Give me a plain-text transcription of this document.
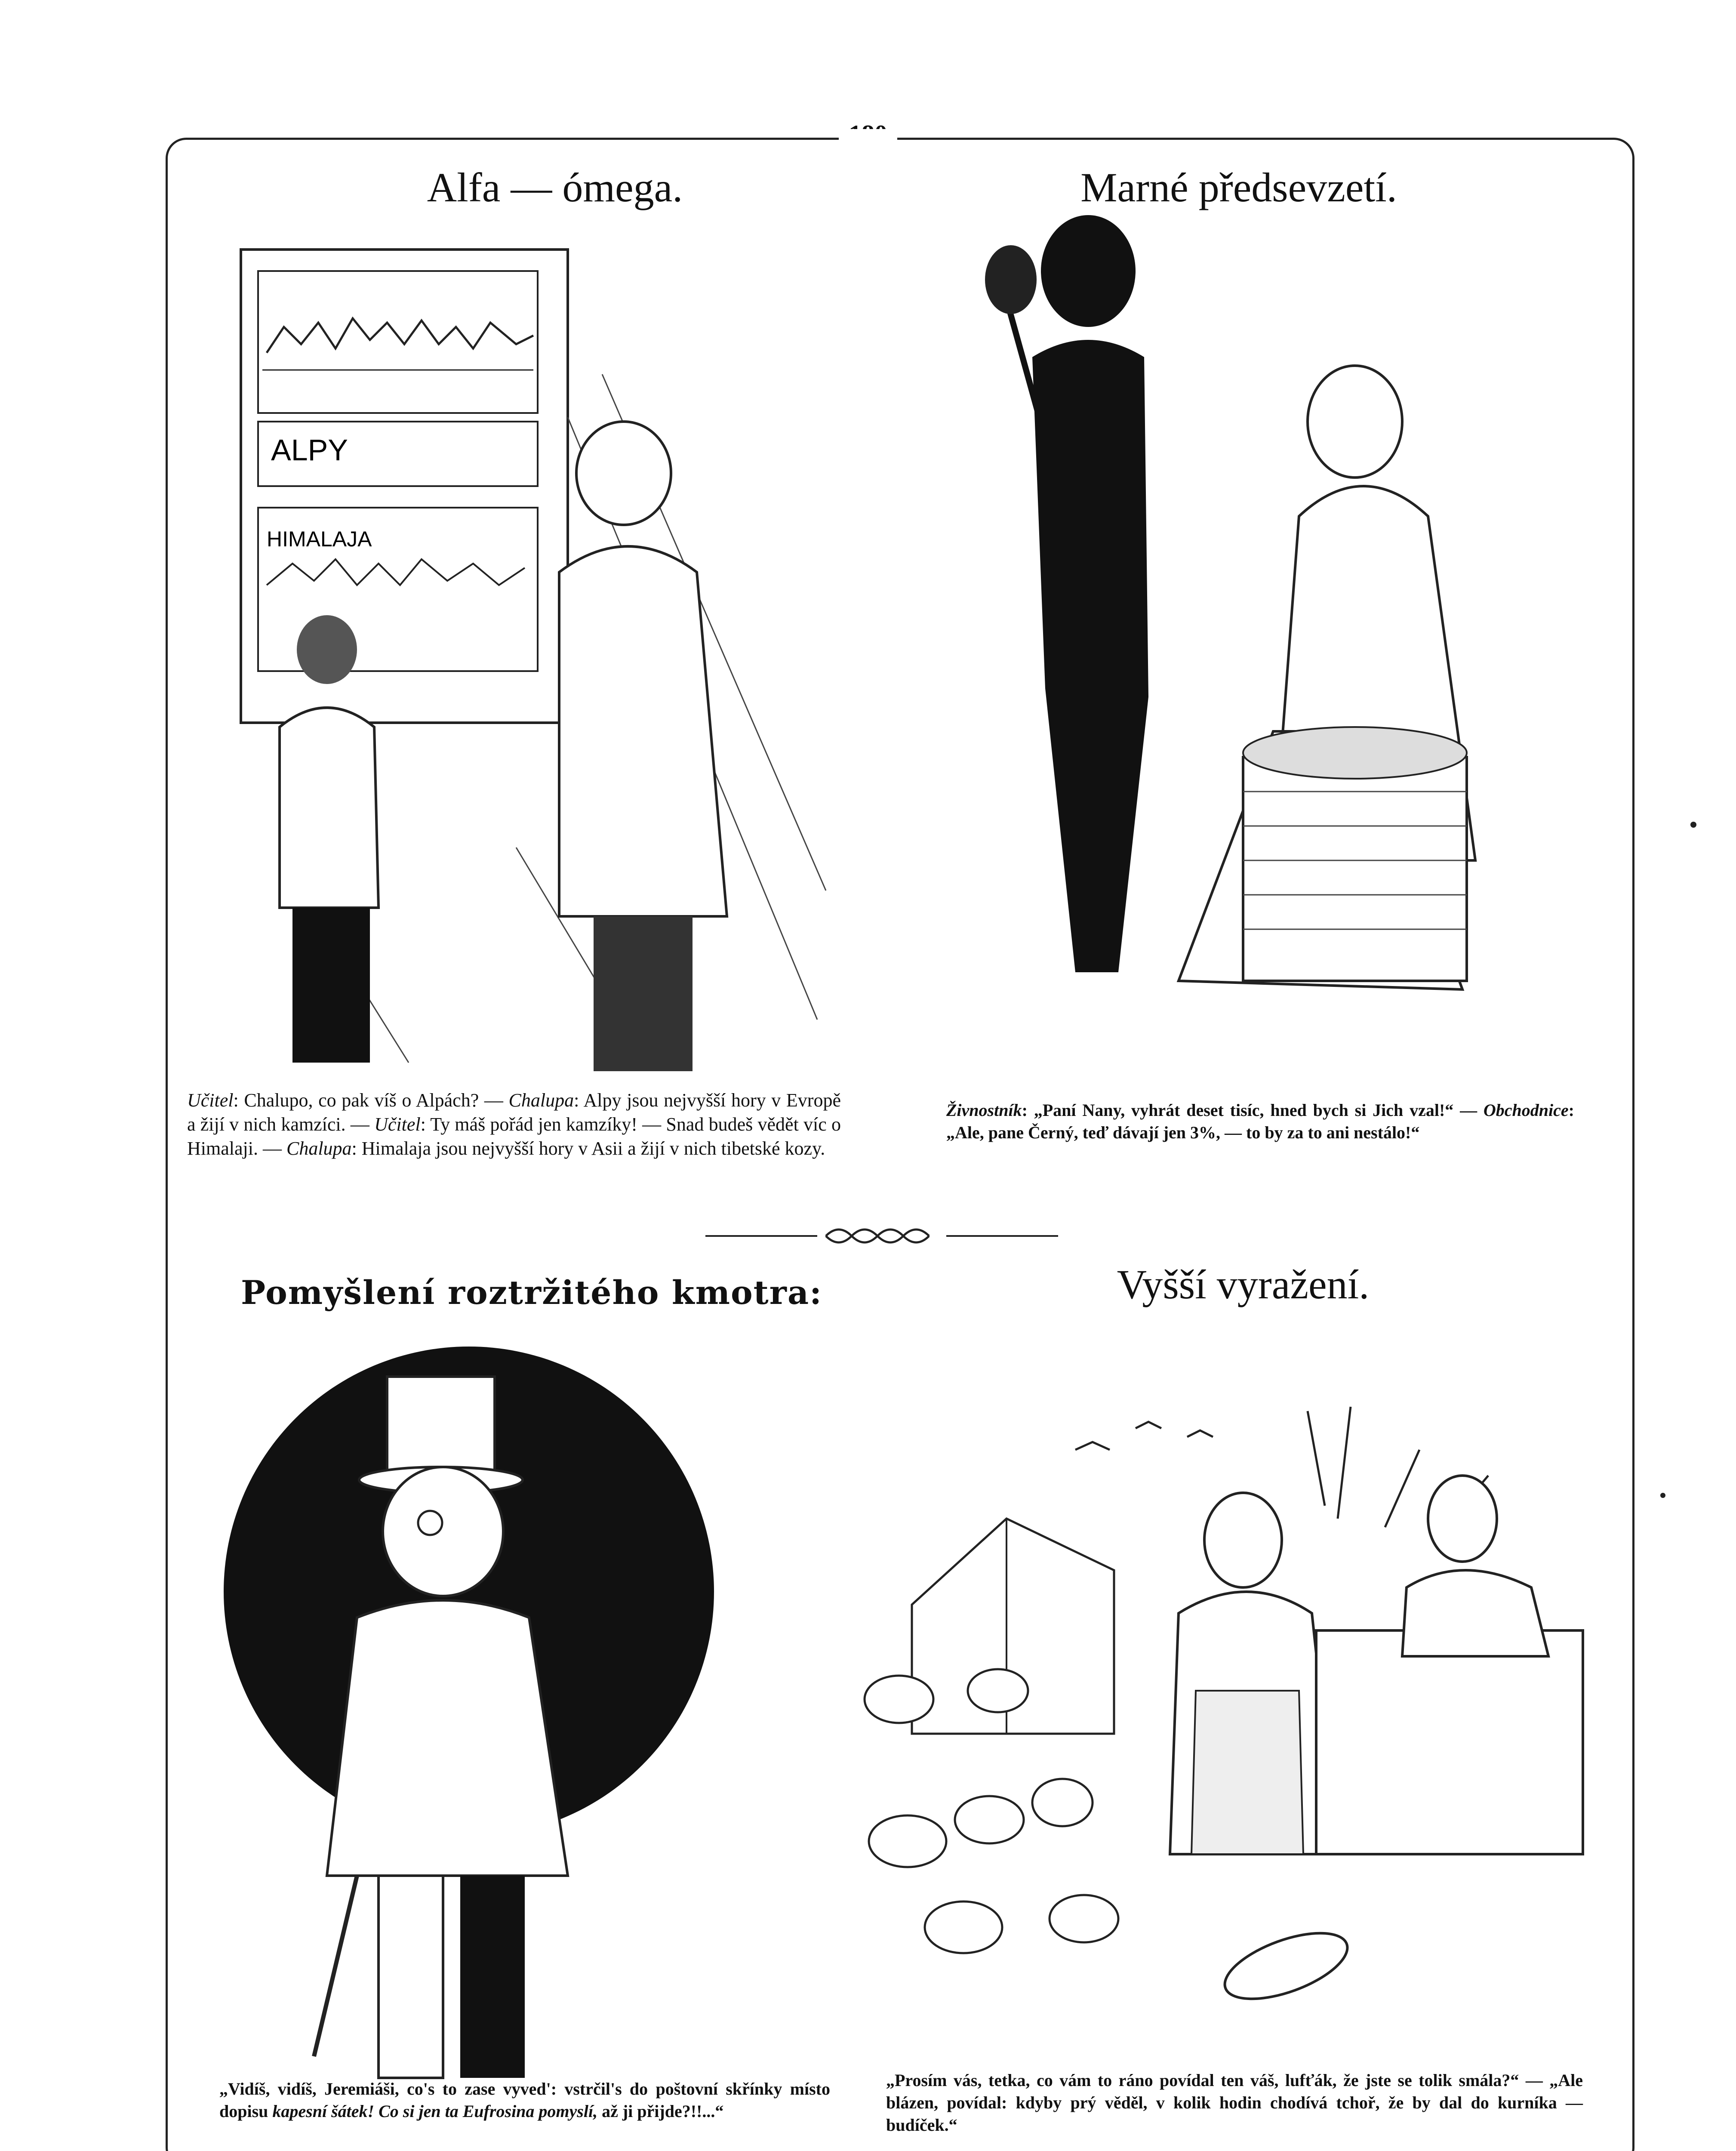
Alfa — ómega.
ALPY
HIMALAJA
Učitel: Chalupo, co pak víš o Alpách? — Chalupa: Alpy jsou nejvyšší hory v Evropě a žijí v nich kamzíci. — Učitel: Ty máš pořád jen kamzíky! — Snad budeš vědět víc o Himalaji. — Chalupa: Himalaja jsou nejvyšší hory v Asii a žijí v nich tibetské kozy.
Marné předsevzetí.
Živnostník: „Paní Nany, vyhrát deset tisíc, hned bych si Jich vzal!“ — Obchodnice: „Ale, pane Černý, teď dávají jen 3%, — to by za to ani nestálo!“
Pomyšlení roztržitého kmotra:
„Vidíš, vidíš, Jeremiáši, co's to zase vyved': vstrčil's do poštovní skřínky místo dopisu kapesní šátek! Co si jen ta Eufrosina pomyslí, až ji přijde?!!...“
Vyšší vyražení.
„Prosím vás, tetka, co vám to ráno povídal ten váš, lufťák, že jste se tolik smála?“ — „Ale blázen, povídal: kdyby prý věděl, v kolik hodin chodívá tchoř, že by dal do kurníka — budíček.“
